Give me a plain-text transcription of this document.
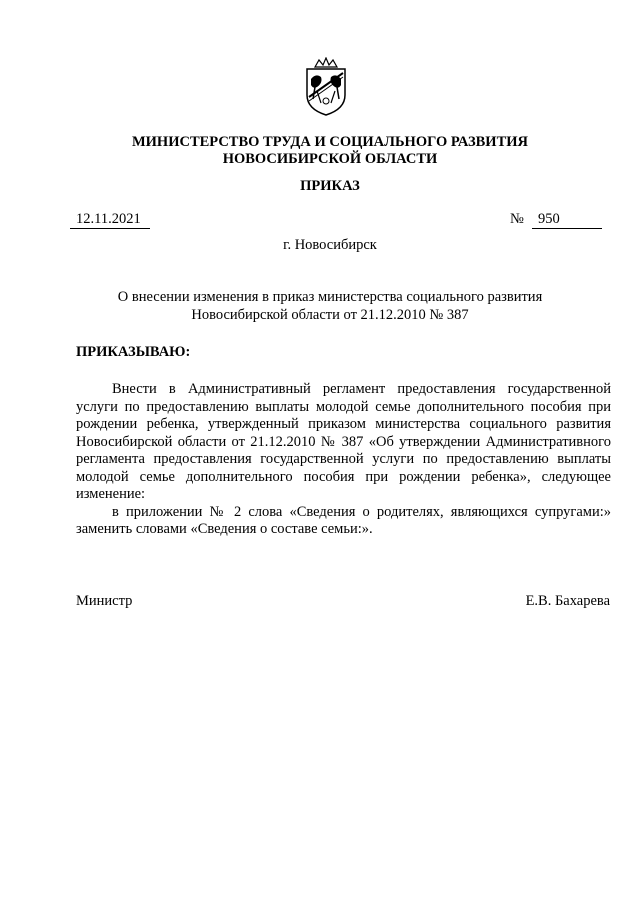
МИНИСТЕРСТВО ТРУДА И СОЦИАЛЬНОГО РАЗВИТИЯ
НОВОСИБИРСКОЙ ОБЛАСТИ
ПРИКАЗ
12.11.2021	№ 950
г. Новосибирск
О внесении изменения в приказ министерства социального развития
Новосибирской области от 21.12.2010 № 387
ПРИКАЗЫВАЮ:

Внести в Административный регламент предоставления государственной услуги по предоставлению выплаты молодой семье дополнительного пособия при рождении ребенка, утвержденный приказом министерства социального развития Новосибирской области от 21.12.2010 № 387 «Об утверждении Административного регламента предоставления государственной услуги по предоставлению выплаты молодой семье дополнительного пособия при рождении ребенка», следующее изменение:

в приложении № 2 слова «Сведения о родителях, являющихся супругами:» заменить словами «Сведения о составе семьи:».

Министр	Е.В. Бахарева
